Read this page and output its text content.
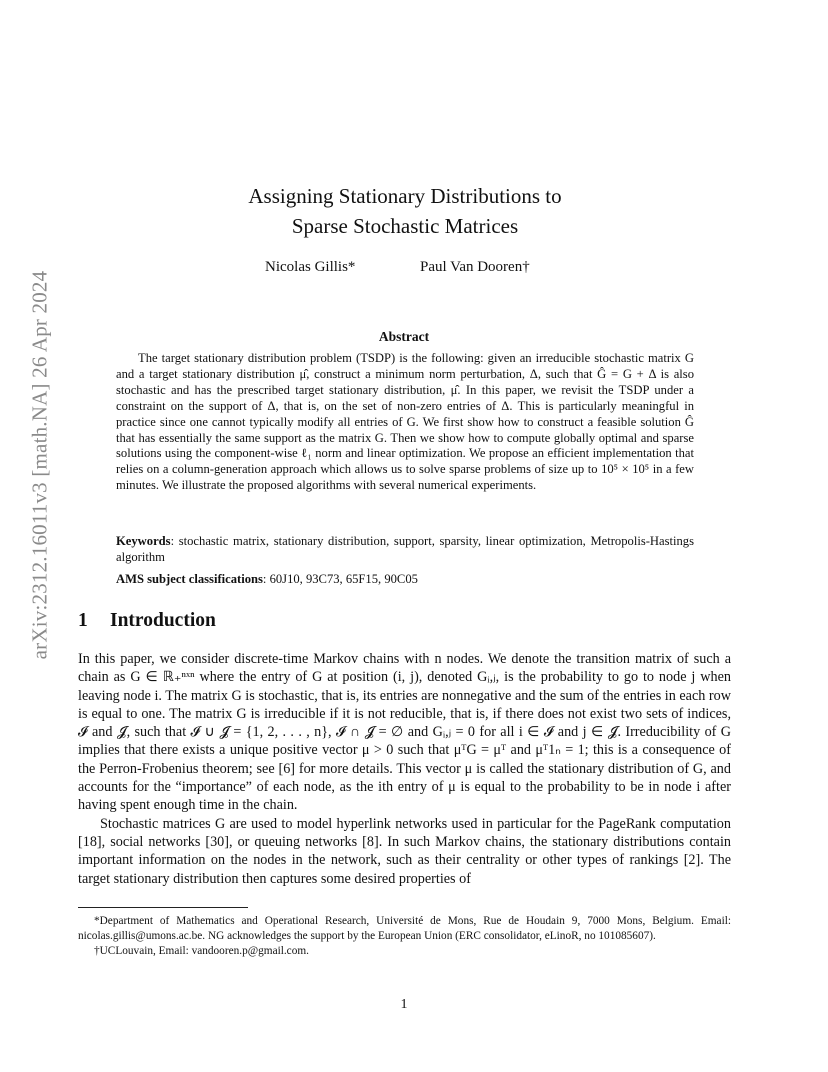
arXiv:2312.16011v3 [math.NA] 26 Apr 2024
Assigning Stationary Distributions to
Sparse Stochastic Matrices
Nicolas Gillis*	Paul Van Dooren†
Abstract
The target stationary distribution problem (TSDP) is the following: given an irreducible stochastic matrix G and a target stationary distribution μ̂, construct a minimum norm perturbation, Δ, such that Ĝ = G + Δ is also stochastic and has the prescribed target stationary distribution, μ̂. In this paper, we revisit the TSDP under a constraint on the support of Δ, that is, on the set of non-zero entries of Δ. This is particularly meaningful in practice since one cannot typically modify all entries of G. We first show how to construct a feasible solution Ĝ that has essentially the same support as the matrix G. Then we show how to compute globally optimal and sparse solutions using the component-wise ℓ₁ norm and linear optimization. We propose an efficient implementation that relies on a column-generation approach which allows us to solve sparse problems of size up to 10⁵ × 10⁵ in a few minutes. We illustrate the proposed algorithms with several numerical experiments.
Keywords: stochastic matrix, stationary distribution, support, sparsity, linear optimization, Metropolis-Hastings algorithm
AMS subject classifications: 60J10, 93C73, 65F15, 90C05
1 Introduction

In this paper, we consider discrete-time Markov chains with n nodes. We denote the transition matrix of such a chain as G ∈ ℝ₊ⁿˣⁿ where the entry of G at position (i, j), denoted Gᵢ,ⱼ, is the probability to go to node j when leaving node i. The matrix G is stochastic, that is, its entries are nonnegative and the sum of the entries in each row is equal to one. The matrix G is irreducible if it is not reducible, that is, if there does not exist two sets of indices, 𝓘 and 𝓙, such that 𝓘 ∪ 𝓙 = {1, 2, . . . , n}, 𝓘 ∩ 𝓙 = ∅ and Gᵢ,ⱼ = 0 for all i ∈ 𝓘 and j ∈ 𝓙. Irreducibility of G implies that there exists a unique positive vector μ > 0 such that μᵀG = μᵀ and μᵀ1ₙ = 1; this is a consequence of the Perron-Frobenius theorem; see [6] for more details. This vector μ is called the stationary distribution of G, and accounts for the “importance” of each node, as the ith entry of μ is equal to the probability to be in node i after having spent enough time in the chain.

Stochastic matrices G are used to model hyperlink networks used in particular for the PageRank computation [18], social networks [30], or queuing networks [8]. In such Markov chains, the stationary distributions contain important information on the nodes in the network, such as their centrality or other types of rankings [2]. The target stationary distribution then captures some desired properties of

*Department of Mathematics and Operational Research, Université de Mons, Rue de Houdain 9, 7000 Mons, Belgium. Email: nicolas.gillis@umons.ac.be. NG acknowledges the support by the European Union (ERC consolidator, eLinoR, no 101085607).

†UCLouvain, Email: vandooren.p@gmail.com.

1
